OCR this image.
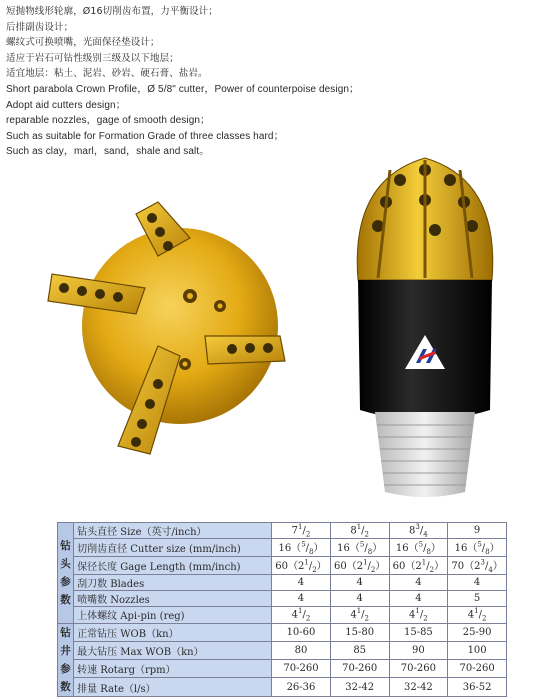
短抛物线形轮廓，Ø16切削齿布置，力平衡设计；
后排副齿设计；
螺纹式可换喷嘴，光面保径垫设计；
适应于岩石可钻性级别三级及以下地层；
适宜地层：粘土、泥岩、砂岩、硬石膏、盐岩。
Short parabola Crown Profile，Ø 5/8" cutter，Power of counterpoise design；
Adopt aid cutters design；
reparable nozzles，gage of smooth design；
Such as suitable for Formation Grade of three classes hard；
Such as clay，marl，sand，shale and salt。
钻
头
参
数	钻头直径 Size（英寸/inch）	$7^1/_2$	$8^1/_2$	$8^3/_4$	9
	切削齿直径 Cutter size (mm/inch)	$16(^5/_8)$	$16(^5/_8)$	$16(^5/_8)$	$16(^5/_8)$
	保径长度 Gage Length (mm/inch)	$60(2^1/_2)$	$60(2^1/_2)$	$60(2^1/_2)$	$70(2^3/_4)$
	刮刀数 Blades	4	4	4	4
	喷嘴数 Nozzles	4	4	4	5
	上体螺纹 Api-pin (reg)	$4^1/_2$	$4^1/_2$	$4^1/_2$	$4^1/_2$
钻
井
参
数	正常钻压 WOB（kn）	10-60	15-80	15-85	25-90
	最大钻压 Max WOB（kn）	80	85	90	100
	转速 Rotarg（rpm）	70-260	70-260	70-260	70-260
	排量 Rate（l/s）	26-36	32-42	32-42	36-52
